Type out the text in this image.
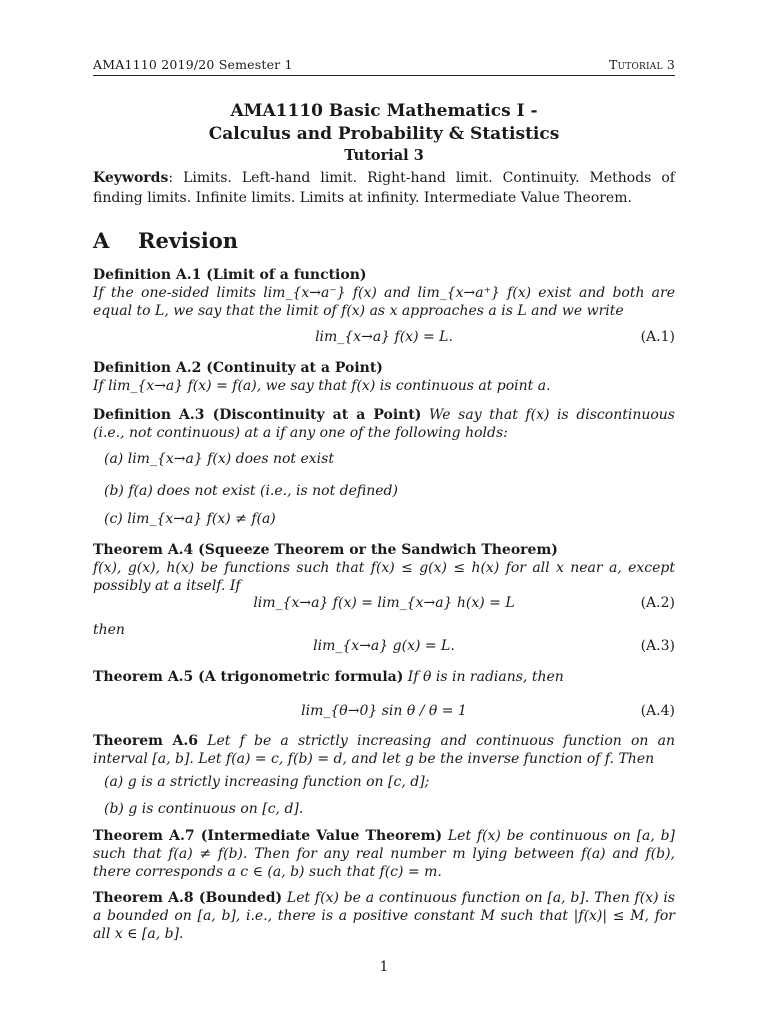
AMA1110 2019/20 Semester 1	Tutorial 3
AMA1110 Basic Mathematics I -
Calculus and Probability & Statistics
Tutorial 3
Keywords: Limits. Left-hand limit. Right-hand limit. Continuity. Methods of finding limits. Infinite limits. Limits at infinity. Intermediate Value Theorem.
A Revision
Definition A.1 (Limit of a function)
If the one-sided limits lim_{x→a⁻} f(x) and lim_{x→a⁺} f(x) exist and both are equal to L, we say that the limit of f(x) as x approaches a is L and we write
lim_{x→a} f(x) = L.	(A.1)
Definition A.2 (Continuity at a Point)
If lim_{x→a} f(x) = f(a), we say that f(x) is continuous at point a.
Definition A.3 (Discontinuity at a Point) We say that f(x) is discontinuous (i.e., not continuous) at a if any one of the following holds:
(a) lim_{x→a} f(x) does not exist
(b) f(a) does not exist (i.e., is not defined)
(c) lim_{x→a} f(x) ≠ f(a)
Theorem A.4 (Squeeze Theorem or the Sandwich Theorem)
f(x), g(x), h(x) be functions such that f(x) ≤ g(x) ≤ h(x) for all x near a, except possibly at a itself. If
lim_{x→a} f(x) = lim_{x→a} h(x) = L	(A.2)
then
lim_{x→a} g(x) = L.	(A.3)
Theorem A.5 (A trigonometric formula) If θ is in radians, then
lim_{θ→0} sin θ / θ = 1	(A.4)
Theorem A.6 Let f be a strictly increasing and continuous function on an interval [a, b]. Let f(a) = c, f(b) = d, and let g be the inverse function of f. Then
(a) g is a strictly increasing function on [c, d];
(b) g is continuous on [c, d].
Theorem A.7 (Intermediate Value Theorem) Let f(x) be continuous on [a, b] such that f(a) ≠ f(b). Then for any real number m lying between f(a) and f(b), there corresponds a c ∈ (a, b) such that f(c) = m.
Theorem A.8 (Bounded) Let f(x) be a continuous function on [a, b]. Then f(x) is a bounded on [a, b], i.e., there is a positive constant M such that |f(x)| ≤ M, for all x ∈ [a, b].
1
